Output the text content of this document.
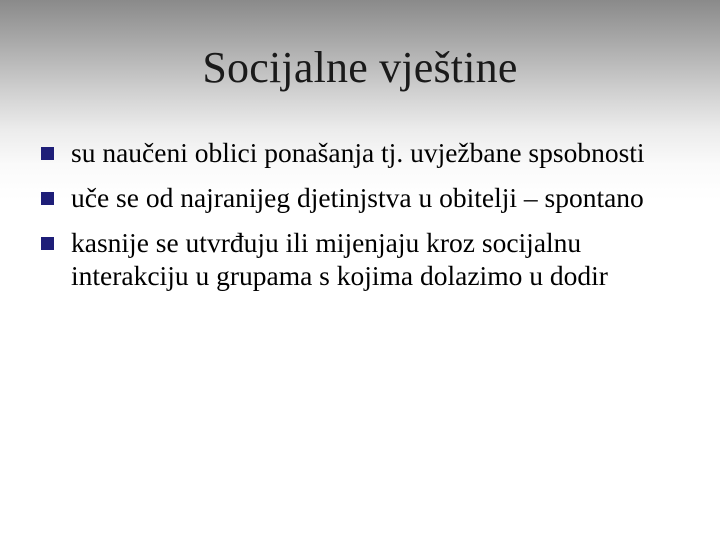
Socijalne vještine
su naučeni oblici ponašanja tj. uvježbane spsobnosti
uče se od najranijeg djetinjstva u obitelji – spontano
kasnije se utvrđuju ili mijenjaju kroz socijalnu interakciju u grupama s kojima dolazimo u dodir
